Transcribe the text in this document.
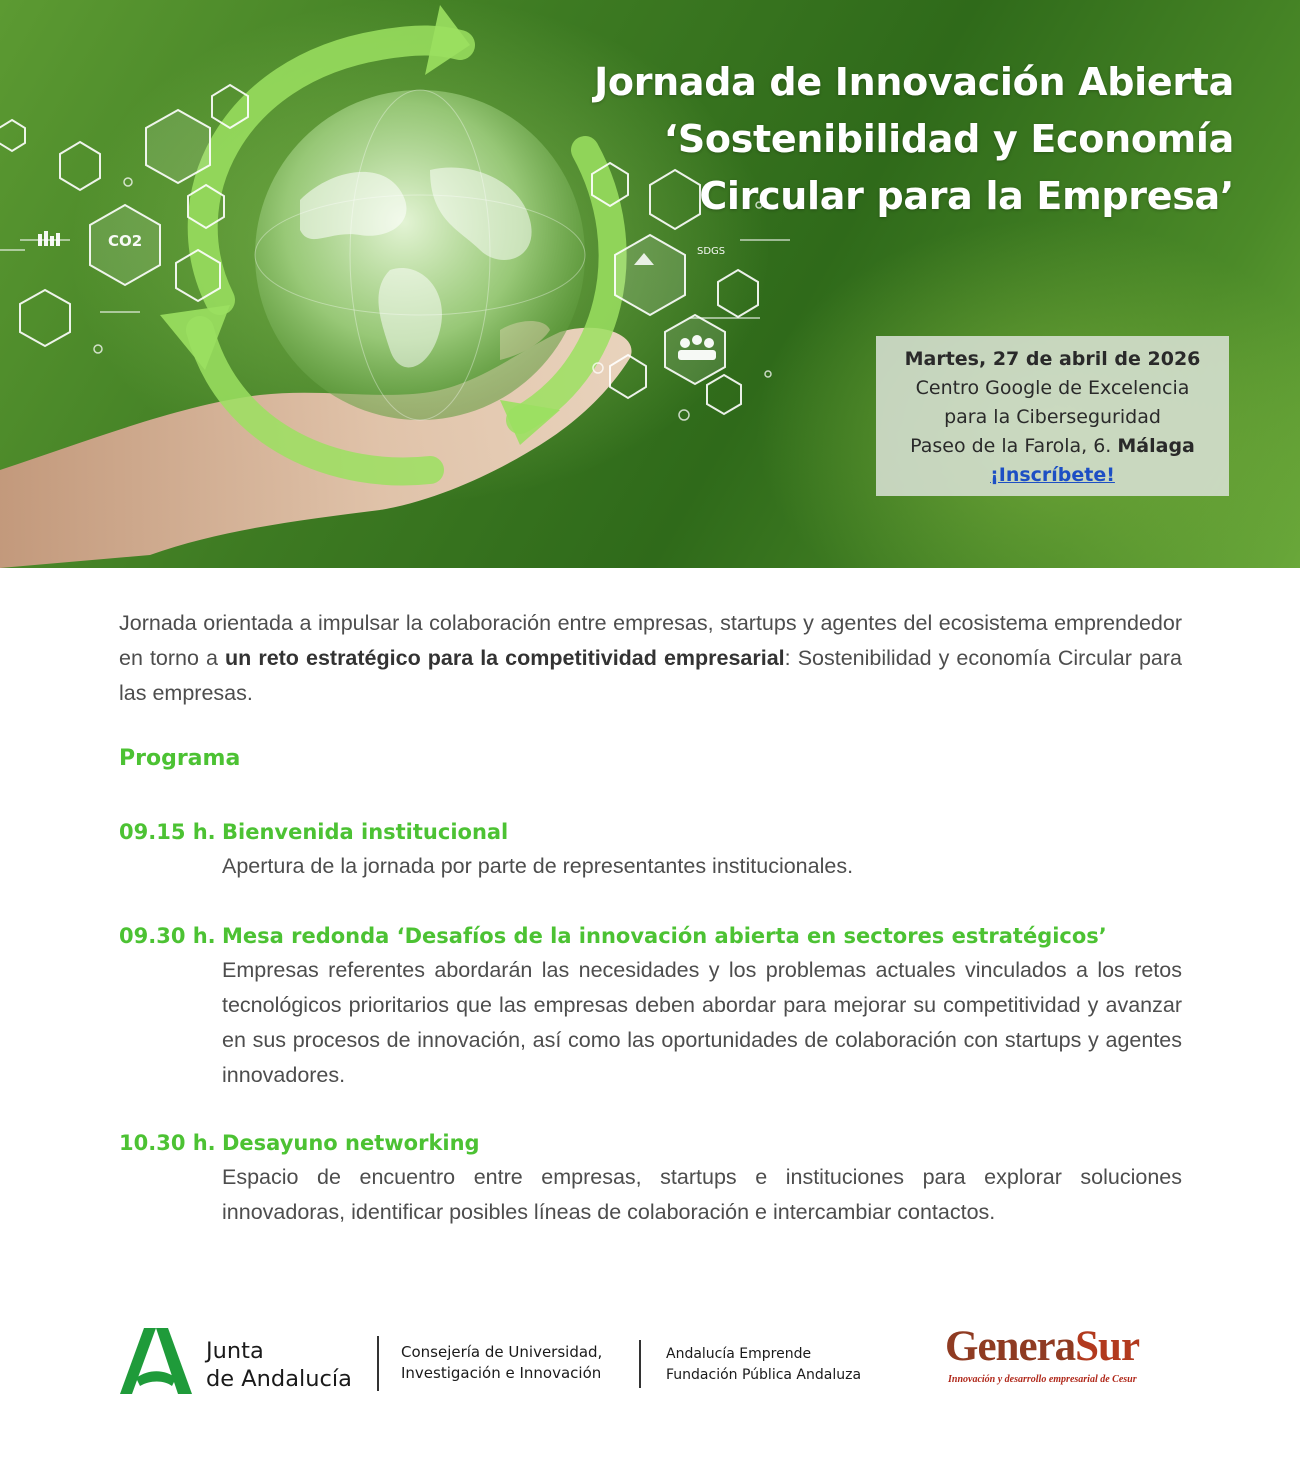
CO2
SDGS
Jornada de Innovación Abierta
‘Sostenibilidad y Economía
Circular para la Empresa’
Martes, 27 de abril de 2026
Centro Google de Excelencia
para la Ciberseguridad
Paseo de la Farola, 6. Málaga
¡Inscríbete!

Jornada orientada a impulsar la colaboración entre empresas, startups y agentes del ecosistema emprendedor en torno a un reto estratégico para la competitividad empresarial: Sostenibilidad y economía Circular para las empresas.

Programa
09.15 h. Bienvenida institucional

Apertura de la jornada por parte de representantes institucionales.

09.30 h. Mesa redonda ‘Desafíos de la innovación abierta en sectores estratégicos’

Empresas referentes abordarán las necesidades y los problemas actuales vinculados a los retos tecnológicos prioritarios que las empresas deben abordar para mejorar su competitividad y avanzar en sus procesos de innovación, así como las oportunidades de colaboración con startups y agentes innovadores.

10.30 h. Desayuno networking

Espacio de encuentro entre empresas, startups e instituciones para explorar soluciones innovadoras, identificar posibles líneas de colaboración e intercambiar contactos.

Junta
de Andalucía
Consejería de Universidad,
Investigación e Innovación
Andalucía Emprende
Fundación Pública Andaluza
GeneraSur
Innovación y desarrollo empresarial de Cesur
